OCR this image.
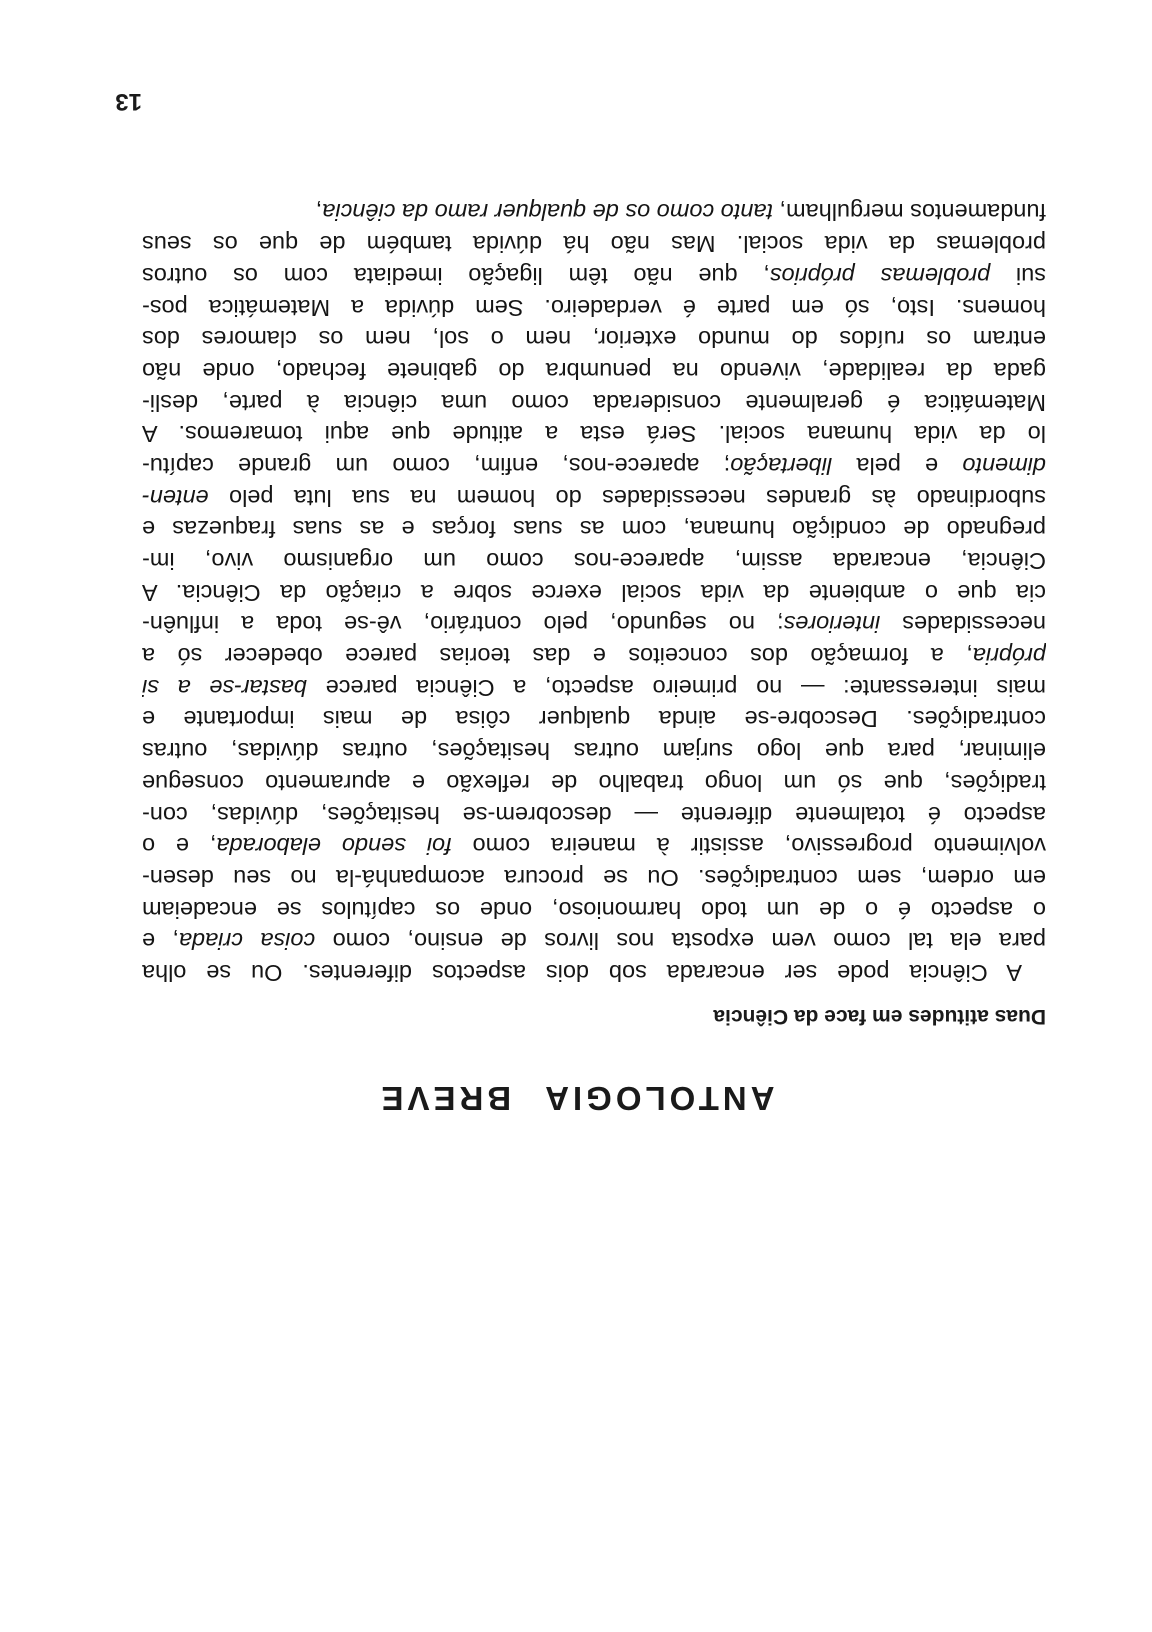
ANTOLOGIA BREVE
Duas atitudes em face da Ciência
A Ciência pode ser encarada sob dois aspectos diferentes. Ou se olha
para ela tal como vem exposta nos livros de ensino, como coisa criada, e
o aspecto é o de um todo harmonioso, onde os capítulos se encadeiam
em ordem, sem contradições. Ou se procura acompanhá-la no seu desen-
volvimento progressivo, assistir à maneira como foi sendo elaborada, e o
aspecto é totalmente diferente — descobrem-se hesitações, dúvidas, con-
tradições, que só um longo trabalho de reflexão e apuramento consegue
eliminar, para que logo surjam outras hesitações, outras dúvidas, outras
contradições. Descobre-se ainda qualquer côisa de mais importante e
mais interessante: — no primeiro aspecto, a Ciência parece bastar-se a si
própria, a formação dos conceitos e das teorias parece obedecer só a
necessidades interiores; no segundo, pelo contrário, vê-se toda a influên-
cia que o ambiente da vida social exerce sobre a criação da Ciência. A
Ciência, encarada assim, aparece-nos como um organismo vivo, im-
pregnado de condição humana, com as suas forças e as suas fraquezas e
subordinado às grandes necessidades do homem na sua luta pelo enten-
dimento e pela libertação; aparece-nos, enfim, como um grande capítu-
lo da vida humana social. Será esta a atitude que aqui tomaremos. A
Matemática é geralmente considerada como uma ciência à parte, desli-
gada da realidade, vivendo na penumbra do gabinete fechado, onde não
entram os ruídos do mundo exterior, nem o sol, nem os clamores dos
homens. Isto, só em parte é verdadeiro. Sem dúvida a Matemática pos-
sui problemas próprios, que não têm ligação imediata com os outros
problemas da vida social. Mas não há dúvida também de que os seus
fundamentos mergulham, tanto como os de qualquer ramo da ciência,
13
